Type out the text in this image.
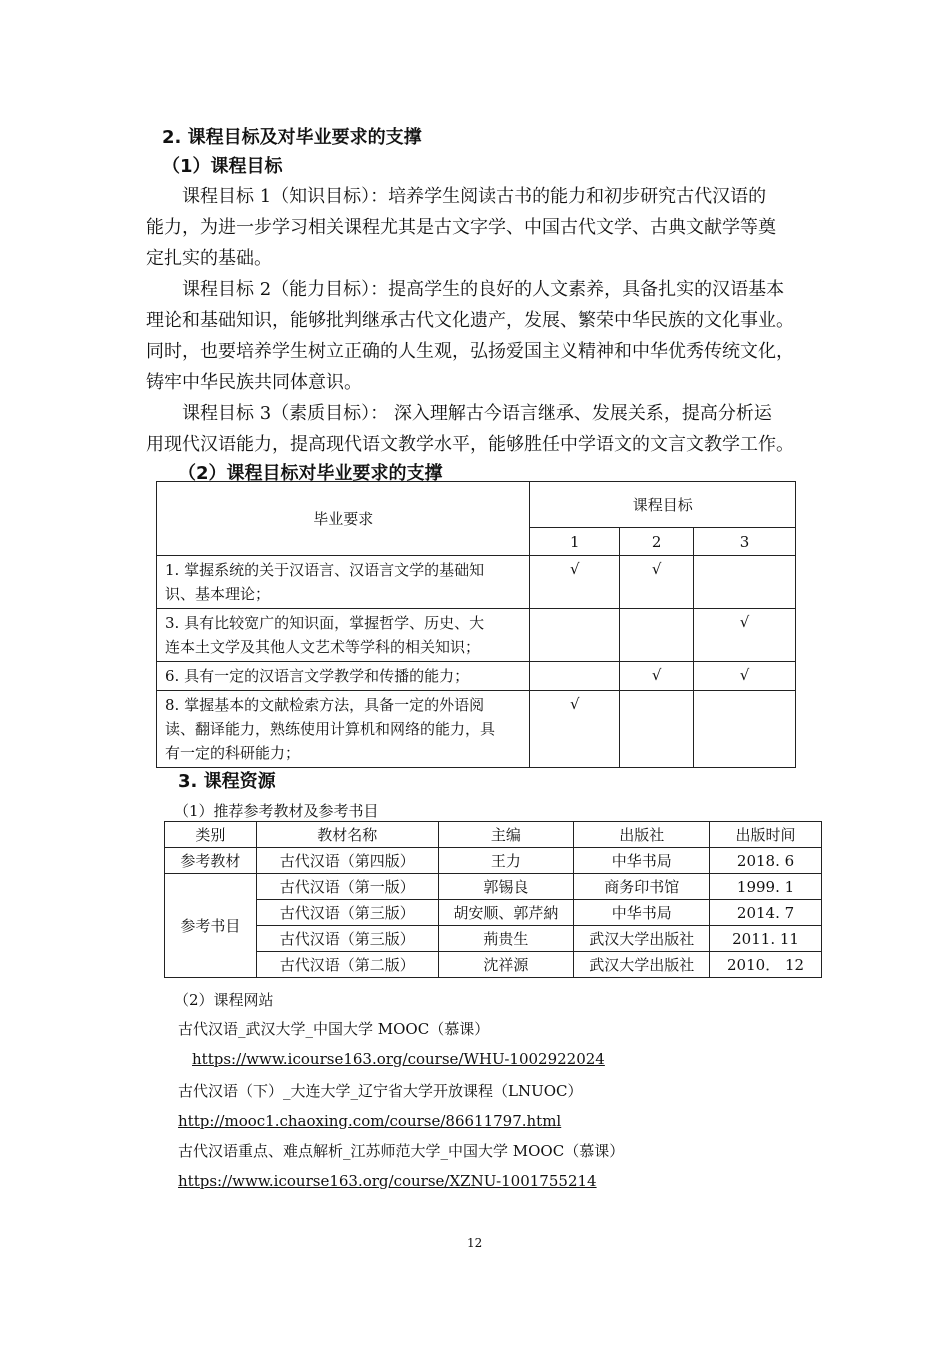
2. 课程目标及对毕业要求的支撑
（1）课程目标
课程目标 1（知识目标）：培养学生阅读古书的能力和初步研究古代汉语的
能力，为进一步学习相关课程尤其是古文字学、中国古代文学、古典文献学等奠
定扎实的基础。
课程目标 2（能力目标）：提高学生的良好的人文素养，具备扎实的汉语基本
理论和基础知识，能够批判继承古代文化遗产，发展、繁荣中华民族的文化事业。
同时，也要培养学生树立正确的人生观，弘扬爱国主义精神和中华优秀传统文化，
铸牢中华民族共同体意识。
课程目标 3（素质目标）： 深入理解古今语言继承、发展关系，提高分析运
用现代汉语能力，提高现代语文教学水平，能够胜任中学语文的文言文教学工作。
（2）课程目标对毕业要求的支撑
毕业要求	课程目标		
	1	2	3

1. 掌握系统的关于汉语言、汉语言文学的基础知
识、基本理论；	√	√	

3. 具有比较宽广的知识面，掌握哲学、历史、大
连本土文学及其他人文艺术等学科的相关知识；			√

6. 具有一定的汉语言文学教学和传播的能力；		√	√

8. 掌握基本的文献检索方法，具备一定的外语阅
读、翻译能力，熟练使用计算机和网络的能力，具
有一定的科研能力；	√		
3. 课程资源
（1）推荐参考教材及参考书目
类别	教材名称	主编	出版社	出版时间
参考教材	古代汉语（第四版）	王力	中华书局	2018. 6
参考书目	古代汉语（第一版）	郭锡良	商务印书馆	1999. 1
	古代汉语（第三版）	胡安顺、郭芹納	中华书局	2014. 7
	古代汉语（第三版）	荊贵生	武汉大学出版社	2011. 11
	古代汉语（第二版）	沈祥源	武汉大学出版社	2010． 12
（2）课程网站
古代汉语_武汉大学_中国大学 MOOC（慕课）
https://www.icourse163.org/course/WHU-1002922024
古代汉语（下）_大连大学_辽宁省大学开放课程（LNUOC）
http://mooc1.chaoxing.com/course/86611797.html
古代汉语重点、难点解析_江苏师范大学_中国大学 MOOC（慕课）
https://www.icourse163.org/course/XZNU-1001755214
12
